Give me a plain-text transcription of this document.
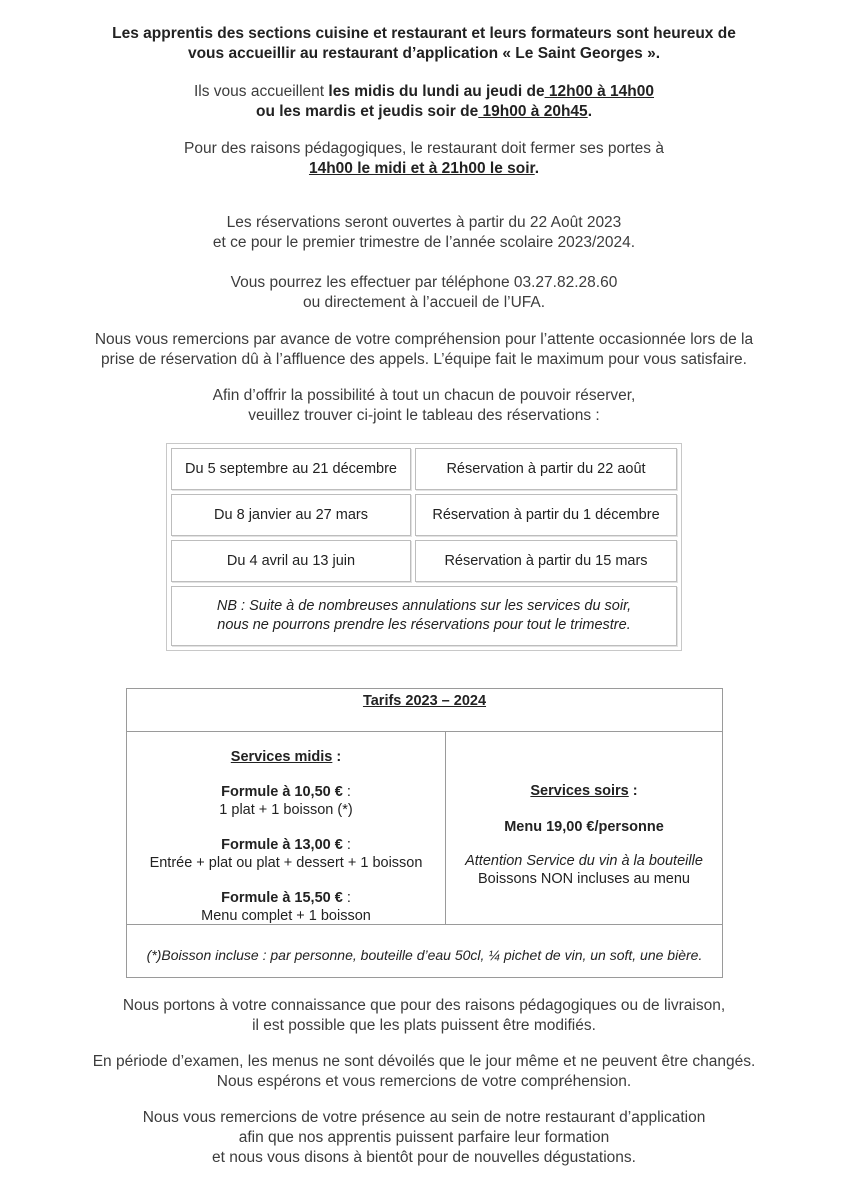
Les apprentis des sections cuisine et restaurant et leurs formateurs sont heureux de
vous accueillir au restaurant d’application « Le Saint Georges ».

Ils vous accueillent les midis du lundi au jeudi de 12h00 à 14h00
ou les mardis et jeudis soir de 19h00 à 20h45.

Pour des raisons pédagogiques, le restaurant doit fermer ses portes à
14h00 le midi et à 21h00 le soir.

Les réservations seront ouvertes à partir du 22 Août 2023
et ce pour le premier trimestre de l’année scolaire 2023/2024.

Vous pourrez les effectuer par téléphone 03.27.82.28.60
ou directement à l’accueil de l’UFA.

Nous vous remercions par avance de votre compréhension pour l’attente occasionnée lors de la
prise de réservation dû à l’affluence des appels. L’équipe fait le maximum pour vous satisfaire.

Afin d’offrir la possibilité à tout un chacun de pouvoir réserver,
veuillez trouver ci-joint le tableau des réservations :

Du 5 septembre au 21 décembre	Réservation à partir du 22 août
Du 8 janvier au 27 mars	Réservation à partir du 1 décembre
Du 4 avril au 13 juin	Réservation à partir du 15 mars
NB : Suite à de nombreuses annulations sur les services du soir,
nous ne pourrons prendre les réservations pour tout le trimestre.
Tarifs 2023 – 2024
Services midis :
Formule à 10,50 € :
1 plat + 1 boisson (*)
Formule à 13,00 € :
Entrée + plat ou plat + dessert + 1 boisson
Formule à 15,50 € :
Menu complet + 1 boisson
Services soirs :
Menu 19,00 €/personne
Attention Service du vin à la bouteille
Boissons NON incluses au menu
(*)Boisson incluse : par personne, bouteille d’eau 50cl, ¼ pichet de vin, un soft, une bière.

Nous portons à votre connaissance que pour des raisons pédagogiques ou de livraison,
il est possible que les plats puissent être modifiés.

En période d’examen, les menus ne sont dévoilés que le jour même et ne peuvent être changés.
Nous espérons et vous remercions de votre compréhension.

Nous vous remercions de votre présence au sein de notre restaurant d’application
afin que nos apprentis puissent parfaire leur formation
et nous vous disons à bientôt pour de nouvelles dégustations.
